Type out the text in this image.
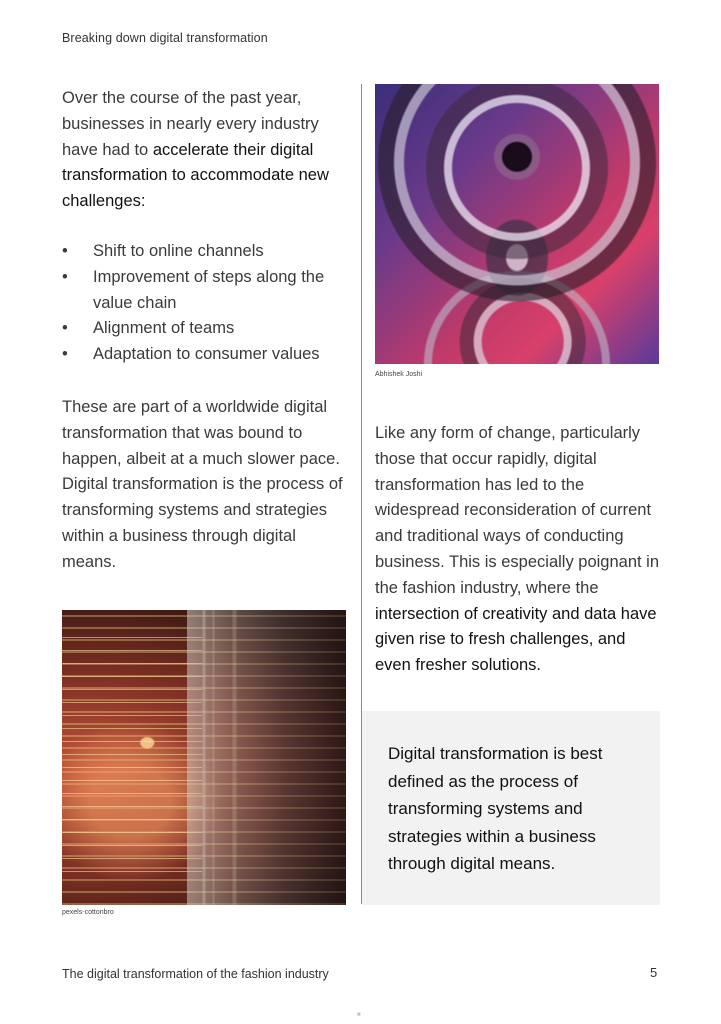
Breaking down digital transformation

Over the course of the past year, businesses in nearly every industry have had to accelerate their digital transformation to accommodate new challenges:

• Shift to online channels
• Improvement of steps along the value chain
• Alignment of teams
• Adaptation to consumer values

These are part of a worldwide digital transformation that was bound to happen, albeit at a much slower pace. Digital transformation is the process of transforming systems and strategies within a business through digital means.

Abhishek Joshi

Like any form of change, particularly those that occur rapidly, digital transformation has led to the widespread reconsideration of current and traditional ways of conducting business. This is especially poignant in the fashion industry, where the intersection of creativity and data have given rise to fresh challenges, and even fresher solutions.

pexels-cottonbro
Digital transformation is best defined as the process of transforming systems and strategies within a business through digital means.
The digital transformation of the fashion industry	5
■
